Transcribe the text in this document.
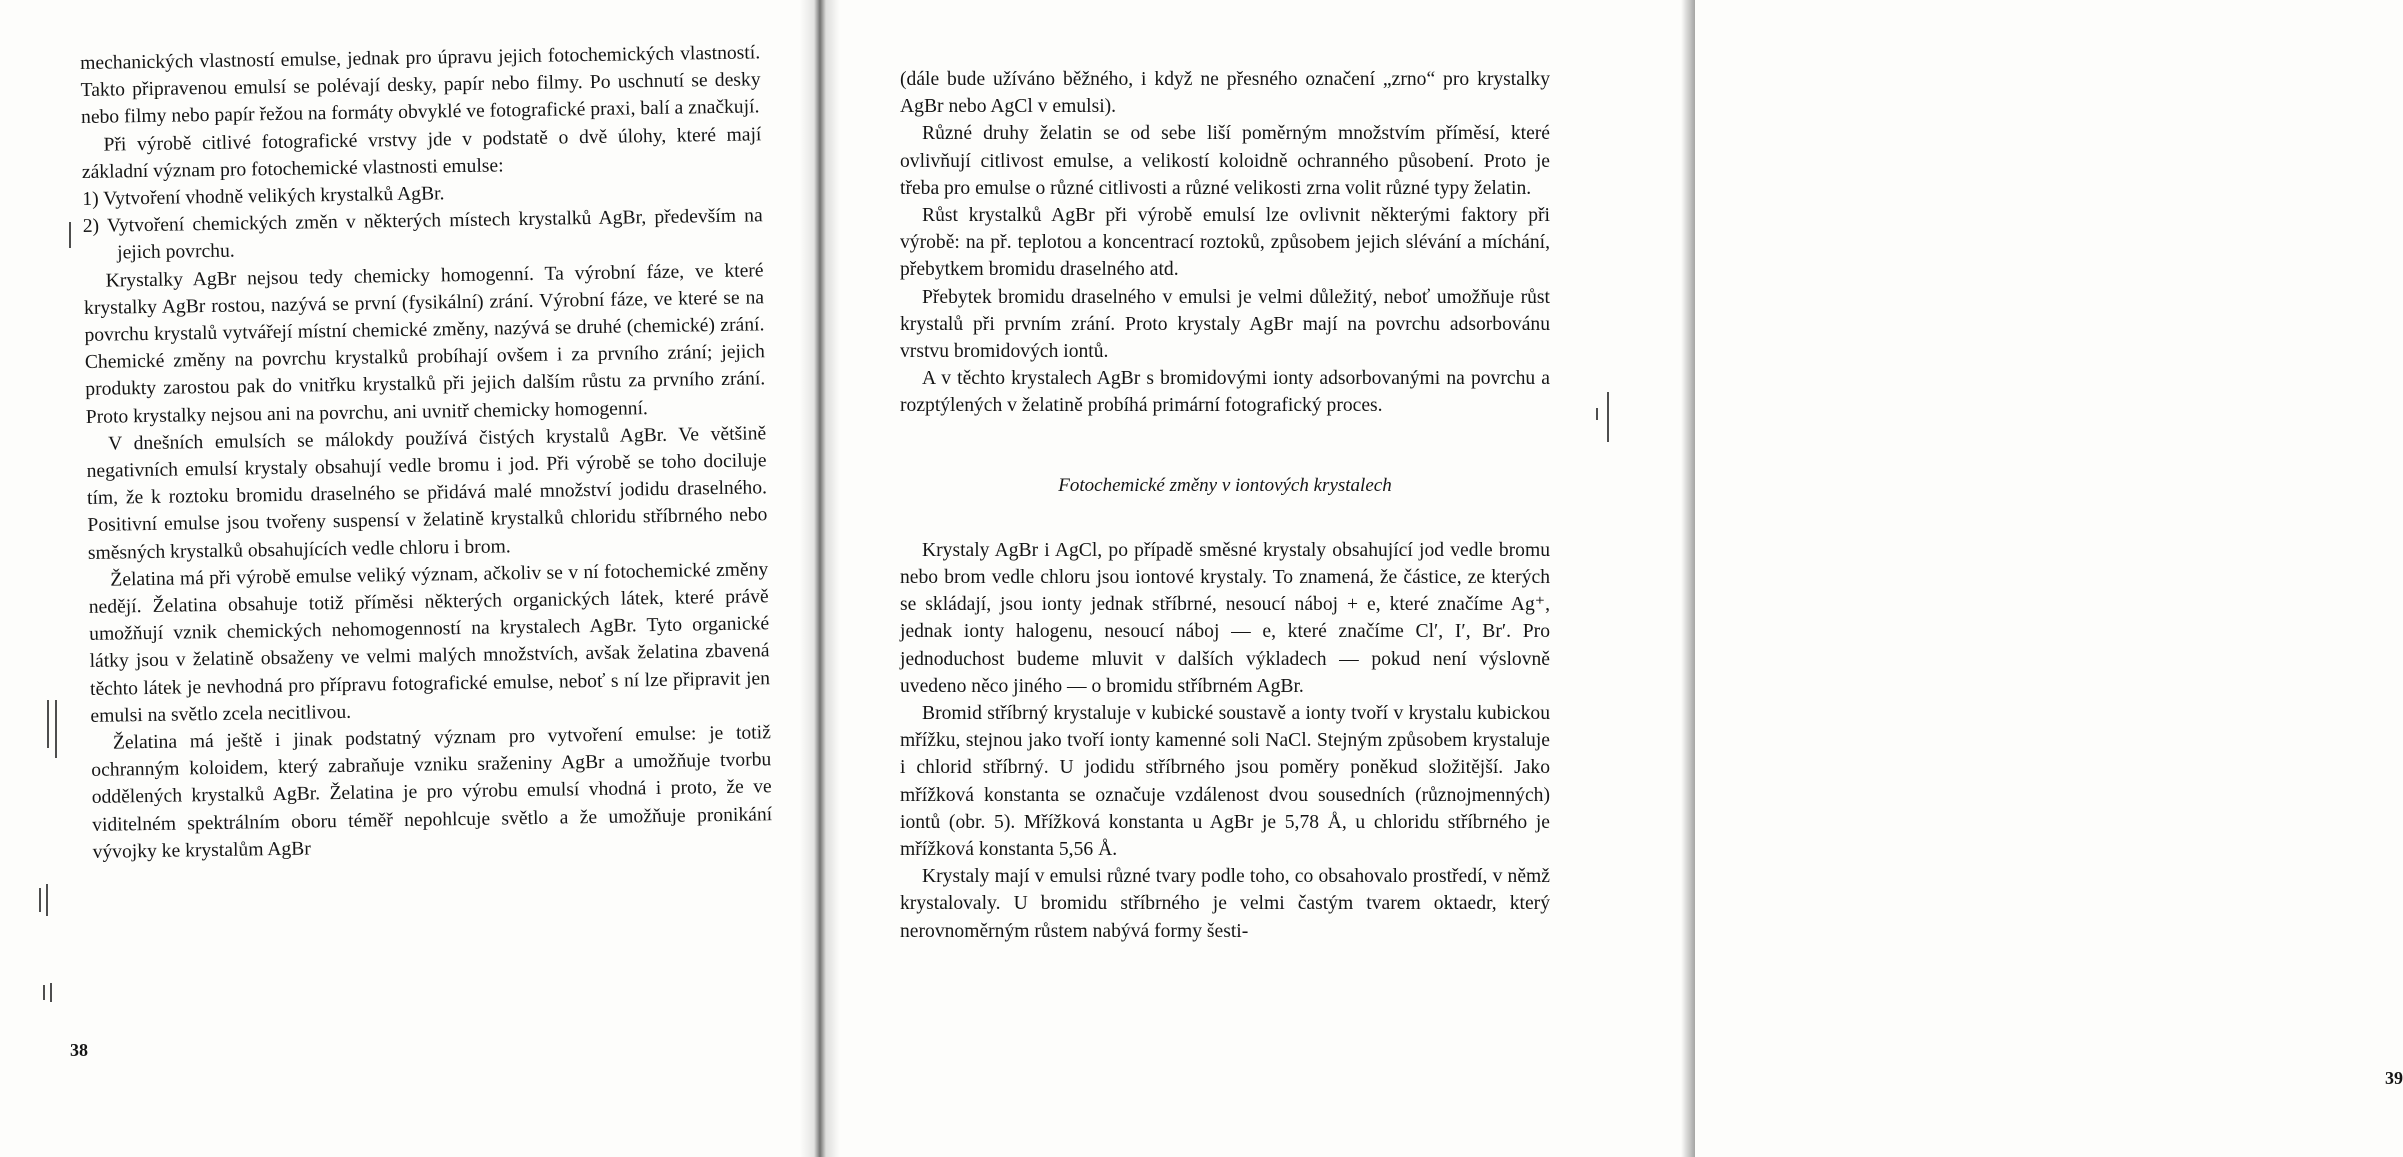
mechanických vlastností emulse, jednak pro úpravu jejich fotochemických vlastností. Takto připravenou emulsí se polévají desky, papír nebo filmy. Po uschnutí se desky nebo filmy nebo papír řežou na formáty obvyklé ve fotografické praxi, balí a značkují.

Při výrobě citlivé fotografické vrstvy jde v podstatě o dvě úlohy, které mají základní význam pro fotochemické vlastnosti emulse:

1) Vytvoření vhodně velikých krystalků AgBr.

2) Vytvoření chemických změn v některých místech krystalků AgBr, především na jejich povrchu.

Krystalky AgBr nejsou tedy chemicky homogenní. Ta výrobní fáze, ve které krystalky AgBr rostou, nazývá se první (fysikální) zrání. Výrobní fáze, ve které se na povrchu krystalů vytvářejí místní chemické změny, nazývá se druhé (chemické) zrání. Chemické změny na povrchu krystalků probíhají ovšem i za prvního zrání; jejich produkty zarostou pak do vnitřku krystalků při jejich dalším růstu za prvního zrání. Proto krystalky nejsou ani na povrchu, ani uvnitř chemicky homogenní.

V dnešních emulsích se málokdy používá čistých krystalů AgBr. Ve většině negativních emulsí krystaly obsahují vedle bromu i jod. Při výrobě se toho dociluje tím, že k roztoku bromidu draselného se přidává malé množství jodidu draselného. Positivní emulse jsou tvořeny suspensí v želatině krystalků chloridu stříbrného nebo směsných krystalků obsahujících vedle chloru i brom.

Želatina má při výrobě emulse veliký význam, ačkoliv se v ní fotochemické změny nedějí. Želatina obsahuje totiž příměsi některých organických látek, které právě umožňují vznik chemických nehomogenností na krystalech AgBr. Tyto organické látky jsou v želatině obsaženy ve velmi malých množstvích, avšak želatina zbavená těchto látek je nevhodná pro přípravu fotografické emulse, neboť s ní lze připravit jen emulsi na světlo zcela necitlivou.

Želatina má ještě i jinak podstatný význam pro vytvoření emulse: je totiž ochranným koloidem, který zabraňuje vzniku sraženiny AgBr a umožňuje tvorbu oddělených krystalků AgBr. Želatina je pro výrobu emulsí vhodná i proto, že ve viditelném spektrálním oboru téměř nepohlcuje světlo a že umožňuje pronikání vývojky ke krystalům AgBr

38

(dále bude užíváno běžného, i když ne přesného označení „zrno“ pro krystalky AgBr nebo AgCl v emulsi).

Různé druhy želatin se od sebe liší poměrným množstvím příměsí, které ovlivňují citlivost emulse, a velikostí koloidně ochranného působení. Proto je třeba pro emulse o různé citlivosti a různé velikosti zrna volit různé typy želatin.

Růst krystalků AgBr při výrobě emulsí lze ovlivnit některými faktory při výrobě: na př. teplotou a koncentrací roztoků, způsobem jejich slévání a míchání, přebytkem bromidu draselného atd.

Přebytek bromidu draselného v emulsi je velmi důležitý, neboť umožňuje růst krystalů při prvním zrání. Proto krystaly AgBr mají na povrchu adsorbovánu vrstvu bromidových iontů.

A v těchto krystalech AgBr s bromidovými ionty adsorbovanými na povrchu a rozptýlených v želatině probíhá primární fotografický proces.

Fotochemické změny v iontových krystalech

Krystaly AgBr i AgCl, po případě směsné krystaly obsahující jod vedle bromu nebo brom vedle chloru jsou iontové krystaly. To znamená, že částice, ze kterých se skládají, jsou ionty jednak stříbrné, nesoucí náboj + e, které značíme Ag⁺, jednak ionty halogenu, nesoucí náboj — e, které značíme Cl′, I′, Br′. Pro jednoduchost budeme mluvit v dalších výkladech — pokud není výslovně uvedeno něco jiného — o bromidu stříbrném AgBr.

Bromid stříbrný krystaluje v kubické soustavě a ionty tvoří v krystalu kubickou mřížku, stejnou jako tvoří ionty kamenné soli NaCl. Stejným způsobem krystaluje i chlorid stříbrný. U jodidu stříbrného jsou poměry poněkud složitější. Jako mřížková konstanta se označuje vzdálenost dvou sousedních (různojmenných) iontů (obr. 5). Mřížková konstanta u AgBr je 5,78 Å, u chloridu stříbrného je mřížková konstanta 5,56 Å.

Krystaly mají v emulsi různé tvary podle toho, co obsahovalo prostředí, v němž krystalovaly. U bromidu stříbrného je velmi častým tvarem oktaedr, který nerovnoměrným růstem nabývá formy šesti-

39
